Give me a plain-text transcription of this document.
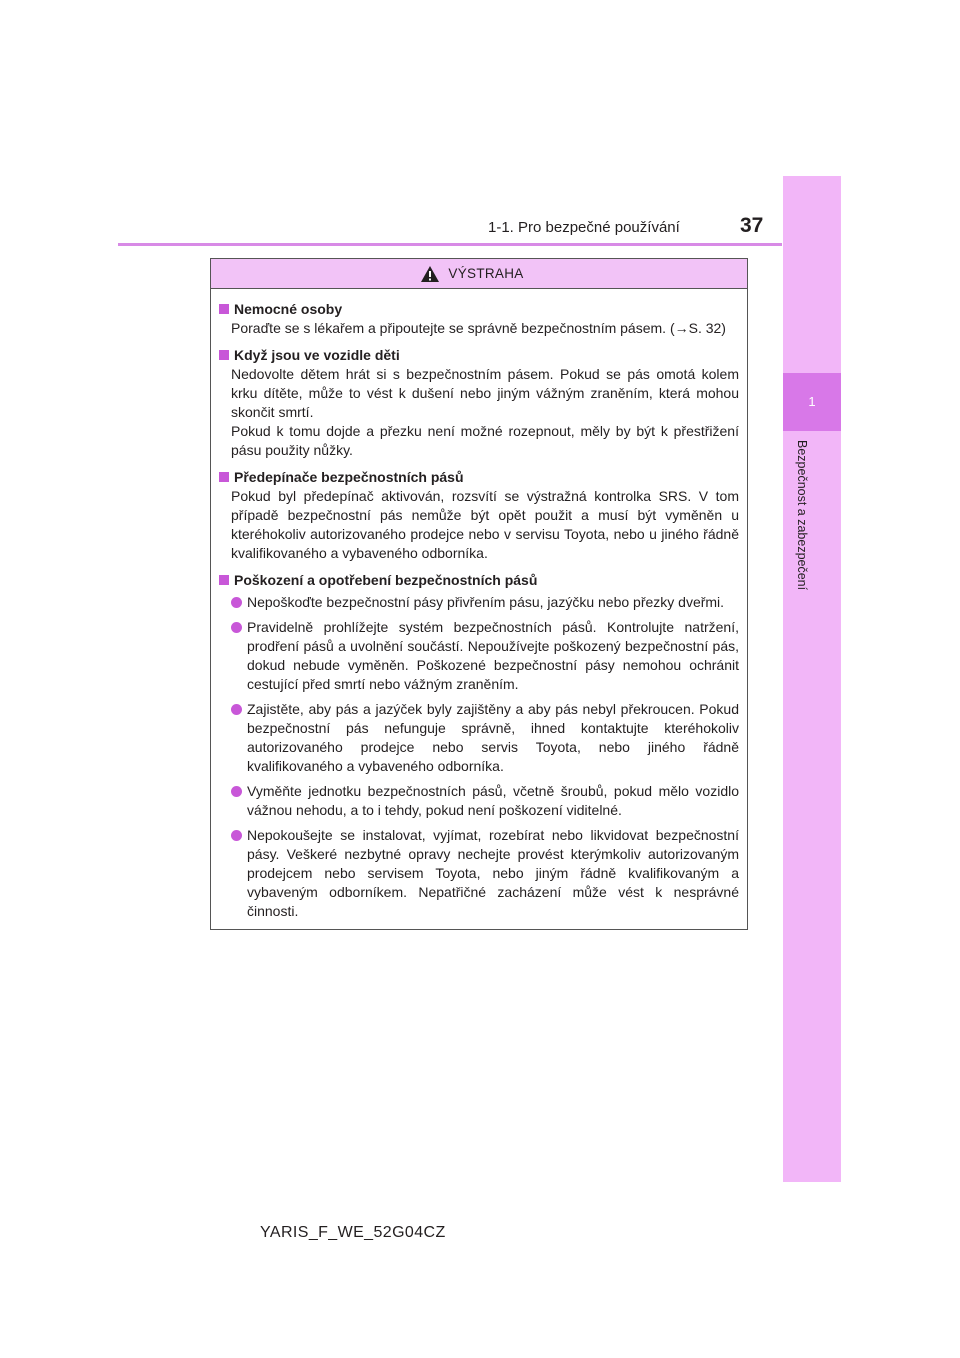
1-1. Pro bezpečné používání	37
1
Bezpečnost a zabezpečení
VÝSTRAHA
Nemocné osoby

Poraďte se s lékařem a připoutejte se správně bezpečnostním pásem. (→S. 32)

Když jsou ve vozidle děti

Nedovolte dětem hrát si s bezpečnostním pásem. Pokud se pás omotá kolem krku dítěte, může to vést k dušení nebo jiným vážným zraněním, která mohou skončit smrtí.

Pokud k tomu dojde a přezku není možné rozepnout, měly by být k přestřižení pásu použity nůžky.

Předepínače bezpečnostních pásů

Pokud byl předepínač aktivován, rozsvítí se výstražná kontrolka SRS. V tom případě bezpečnostní pás nemůže být opět použit a musí být vyměněn u kteréhokoliv autorizovaného prodejce nebo v servisu Toyota, nebo u jiného řádně kvalifikovaného a vybaveného odborníka.

Poškození a opotřebení bezpečnostních pásů
Nepoškoďte bezpečnostní pásy přivřením pásu, jazýčku nebo přezky dveřmi.
Pravidelně prohlížejte systém bezpečnostních pásů. Kontrolujte natržení, prodření pásů a uvolnění součástí. Nepoužívejte poškozený bezpečnostní pás, dokud nebude vyměněn. Poškozené bezpečnostní pásy nemohou ochránit cestující před smrtí nebo vážným zraněním.
Zajistěte, aby pás a jazýček byly zajištěny a aby pás nebyl překroucen. Pokud bezpečnostní pás nefunguje správně, ihned kontaktujte kteréhokoliv autorizovaného prodejce nebo servis Toyota, nebo jiného řádně kvalifikovaného a vybaveného odborníka.
Vyměňte jednotku bezpečnostních pásů, včetně šroubů, pokud mělo vozidlo vážnou nehodu, a to i tehdy, pokud není poškození viditelné.
Nepokoušejte se instalovat, vyjímat, rozebírat nebo likvidovat bezpečnostní pásy. Veškeré nezbytné opravy nechejte provést kterýmkoliv autorizovaným prodejcem nebo servisem Toyota, nebo jiným řádně kvalifikovaným a vybaveným odborníkem. Nepatřičné zacházení může vést k nesprávné činnosti.
YARIS_F_WE_52G04CZ
